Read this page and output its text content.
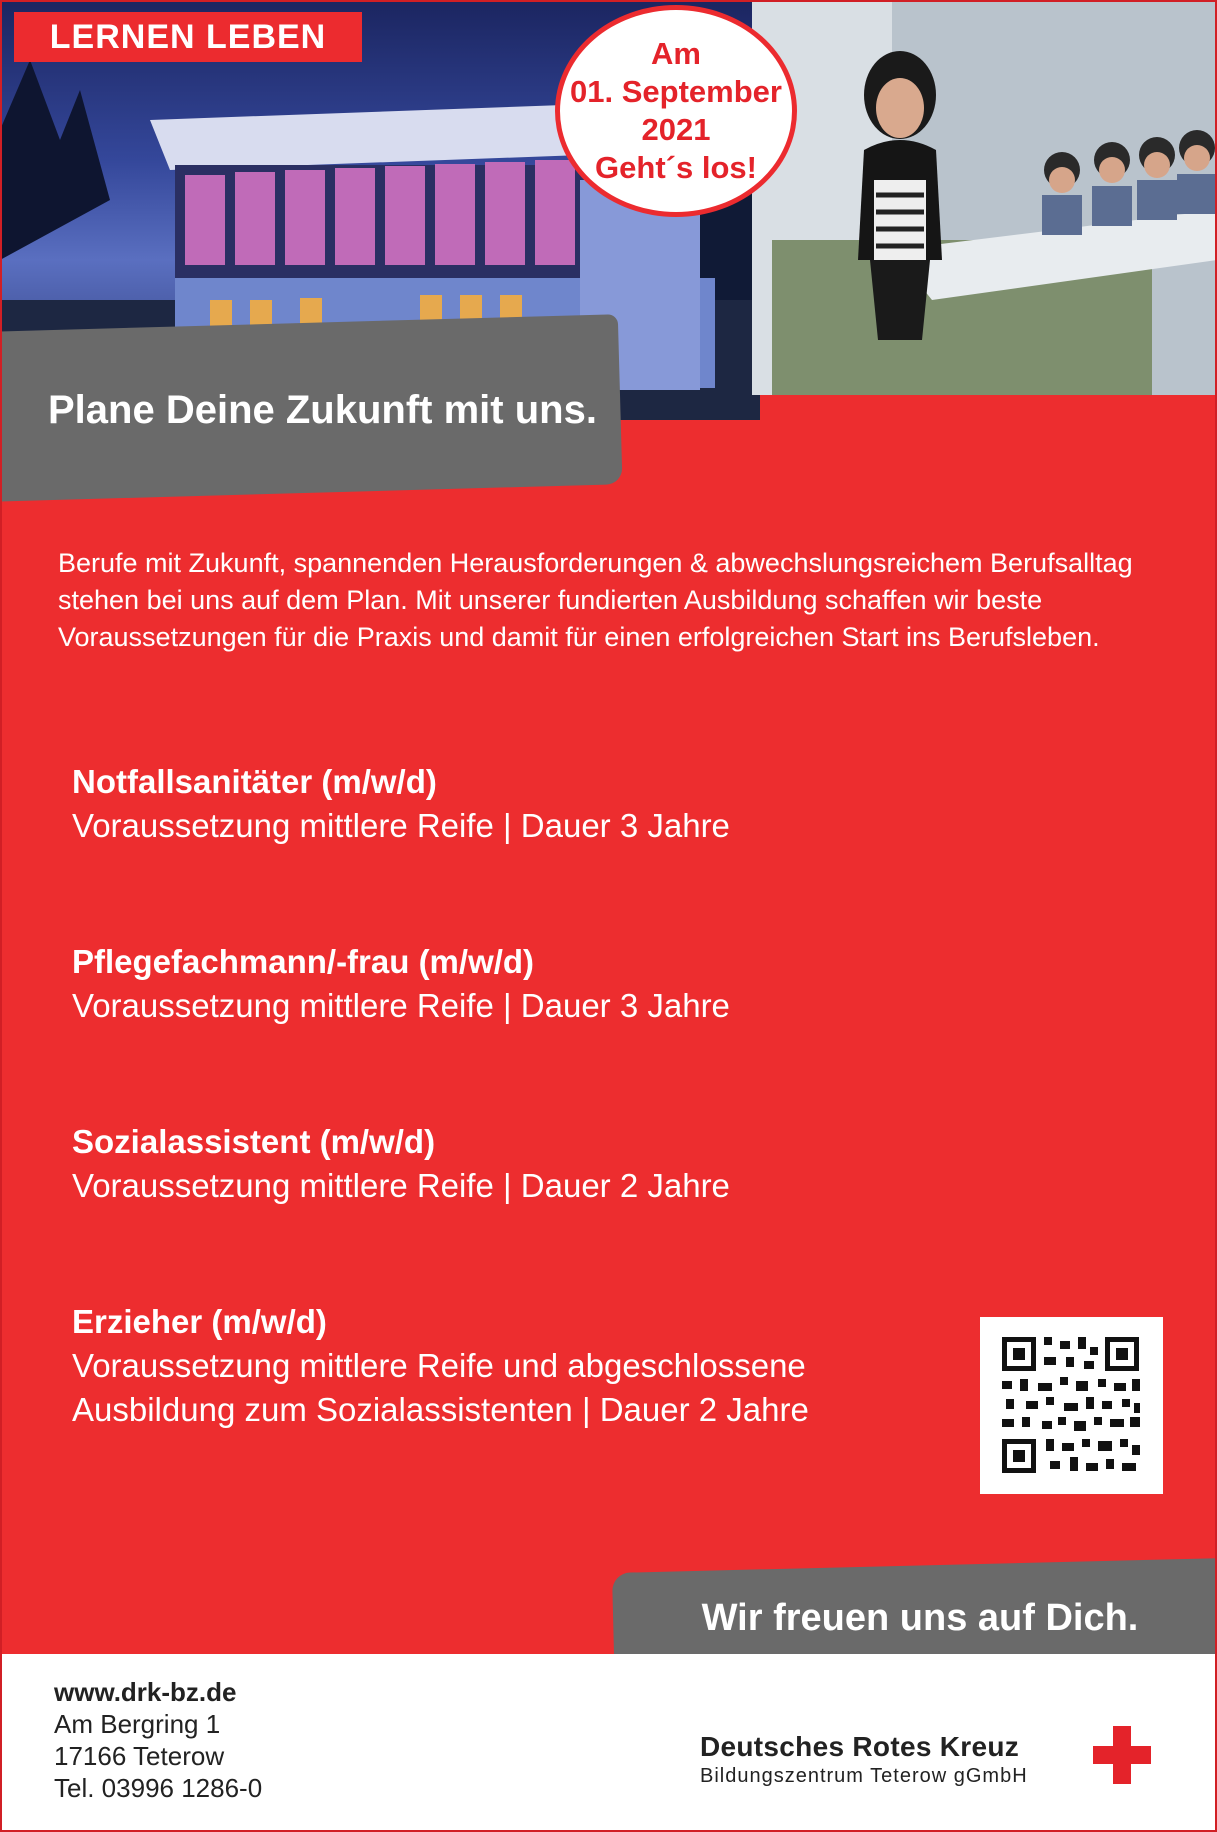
LERNEN LEBEN	Am
01. September
2021
Geht´s los!
Plane Deine Zukunft mit uns.
Berufe mit Zukunft, spannenden Herausforderungen & abwechslungsreichem Berufsalltag stehen bei uns auf dem Plan. Mit unserer fundierten Ausbildung schaffen wir beste Voraussetzungen für die Praxis und damit für einen erfolgreichen Start ins Berufsleben.
Notfallsanitäter (m/w/d)
Voraussetzung mittlere Reife | Dauer 3 Jahre
Pflegefachmann/-frau (m/w/d)
Voraussetzung mittlere Reife | Dauer 3 Jahre
Sozialassistent (m/w/d)
Voraussetzung mittlere Reife | Dauer 2 Jahre
Erzieher (m/w/d)
Voraussetzung mittlere Reife und abgeschlossene Ausbildung zum Sozialassistenten | Dauer 2 Jahre
Wir freuen uns auf Dich.
www.drk-bz.de
Am Bergring 1
17166 Teterow
Tel. 03996 1286-0
Deutsches Rotes Kreuz
Bildungszentrum Teterow gGmbH
